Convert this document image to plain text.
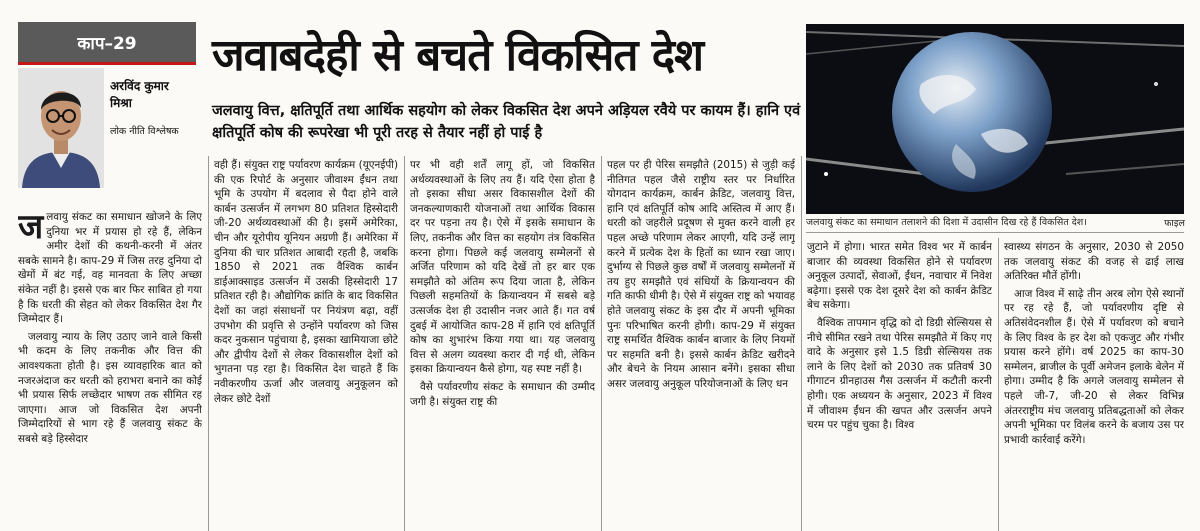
काप–29
अरविंद कुमार
मिश्रा
लोक नीति विश्लेषक
जवाबदेही से बचते विकसित देश
जलवायु वित्त, क्षतिपूर्ति तथा आर्थिक सहयोग को लेकर विकसित देश अपने अड़ियल रवैये पर कायम हैं। हानि एवं क्षतिपूर्ति कोष की रूपरेखा भी पूरी तरह से तैयार नहीं हो पाई है
जलवायु संकट का समाधान तलाशने की दिशा में उदासीन दिख रहे हैं विकसित देश।	फाइल

जलवायु संकट का समाधान खोजने के लिए दुनिया भर में प्रयास हो रहे हैं, लेकिन अमीर देशों की कथनी-करनी में अंतर सबके सामने है। काप-29 में जिस तरह दुनिया दो खेमों में बंट गई, वह मानवता के लिए अच्छा संकेत नहीं है। इससे एक बार फिर साबित हो गया है कि धरती की सेहत को लेकर विकसित देश गैर जिम्मेदार हैं।

जलवायु न्याय के लिए उठाए जाने वाले किसी भी कदम के लिए तकनीक और वित्त की आवश्यकता होती है। इस व्यावहारिक बात को नजरअंदाज कर धरती को हराभरा बनाने का कोई भी प्रयास सिर्फ लच्छेदार भाषण तक सीमित रह जाएगा। आज जो विकसित देश अपनी जिम्मेदारियों से भाग रहे हैं जलवायु संकट के सबसे बड़े हिस्सेदार

वही हैं। संयुक्त राष्ट्र पर्यावरण कार्यक्रम (यूएनईपी) की एक रिपोर्ट के अनुसार जीवाश्म ईंधन तथा भूमि के उपयोग में बदलाव से पैदा होने वाले कार्बन उत्सर्जन में लगभग 80 प्रतिशत हिस्सेदारी जी-20 अर्थव्यवस्थाओं की है। इसमें अमेरिका, चीन और यूरोपीय यूनियन अग्रणी हैं। अमेरिका में दुनिया की चार प्रतिशत आबादी रहती है, जबकि 1850 से 2021 तक वैश्विक कार्बन डाईआक्साइड उत्सर्जन में उसकी हिस्सेदारी 17 प्रतिशत रही है। औद्योगिक क्रांति के बाद विकसित देशों का जहां संसाधनों पर नियंत्रण बढ़ा, वहीं उपभोग की प्रवृत्ति से उन्होंने पर्यावरण को जिस कदर नुकसान पहुंचाया है, इसका खामियाजा छोटे और द्वीपीय देशों से लेकर विकासशील देशों को भुगतना पड़ रहा है। विकसित देश चाहते हैं कि नवीकरणीय ऊर्जा और जलवायु अनुकूलन को लेकर छोटे देशों

पर भी वही शर्तें लागू हों, जो विकसित अर्थव्यवस्थाओं के लिए तय हैं। यदि ऐसा होता है तो इसका सीधा असर विकासशील देशों की जनकल्याणकारी योजनाओं तथा आर्थिक विकास दर पर पड़ना तय है। ऐसे में इसके समाधान के लिए, तकनीक और वित्त का सहयोग तंत्र विकसित करना होगा। पिछले कई जलवायु सम्मेलनों से अर्जित परिणाम को यदि देखें तो हर बार एक समझौते को अंतिम रूप दिया जाता है, लेकिन पिछली सहमतियों के क्रियान्वयन में सबसे बड़े उत्सर्जक देश ही उदासीन नजर आते हैं। गत वर्ष दुबई में आयोजित काप-28 में हानि एवं क्षतिपूर्ति कोष का शुभारंभ किया गया था। यह जलवायु वित्त से अलग व्यवस्था करार दी गई थी, लेकिन इसका क्रियान्वयन कैसे होगा, यह स्पष्ट नहीं है।

वैसे पर्यावरणीय संकट के समाधान की उम्मीद जगी है। संयुक्त राष्ट्र की

पहल पर ही पेरिस समझौते (2015) से जुड़ी कई नीतिगत पहल जैसे राष्ट्रीय स्तर पर निर्धारित योगदान कार्यक्रम, कार्बन क्रेडिट, जलवायु वित्त, हानि एवं क्षतिपूर्ति कोष आदि अस्तित्व में आए हैं। धरती को जहरीले प्रदूषण से मुक्त करने वाली हर पहल अच्छे परिणाम लेकर आएगी, यदि उन्हें लागू करने में प्रत्येक देश के हितों का ध्यान रखा जाए। दुर्भाग्य से पिछले कुछ वर्षों में जलवायु सम्मेलनों में तय हुए समझौते एवं संधियों के क्रियान्वयन की गति काफी धीमी है। ऐसे में संयुक्त राष्ट्र को भयावह होते जलवायु संकट के इस दौर में अपनी भूमिका पुनः परिभाषित करनी होगी। काप-29 में संयुक्त राष्ट्र समर्थित वैश्विक कार्बन बाजार के लिए नियमों पर सहमति बनी है। इससे कार्बन क्रेडिट खरीदने और बेचने के नियम आसान बनेंगे। इसका सीधा असर जलवायु अनुकूल परियोजनाओं के लिए धन

जुटाने में होगा। भारत समेत विश्व भर में कार्बन बाजार की व्यवस्था विकसित होने से पर्यावरण अनुकूल उत्पादों, सेवाओं, ईंधन, नवाचार में निवेश बढ़ेगा। इससे एक देश दूसरे देश को कार्बन क्रेडिट बेच सकेगा।

वैश्विक तापमान वृद्धि को दो डिग्री सेल्सियस से नीचे सीमित रखने तथा पेरिस समझौते में किए गए वादे के अनुसार इसे 1.5 डिग्री सेल्सियस तक लाने के लिए देशों को 2030 तक प्रतिवर्ष 30 गीगाटन ग्रीनहाउस गैस उत्सर्जन में कटौती करनी होगी। एक अध्ययन के अनुसार, 2023 में विश्व में जीवाश्म ईंधन की खपत और उत्सर्जन अपने चरम पर पहुंच चुका है। विश्व

स्वास्थ्य संगठन के अनुसार, 2030 से 2050 तक जलवायु संकट की वजह से ढाई लाख अतिरिक्त मौतें होंगी।

आज विश्व में साढ़े तीन अरब लोग ऐसे स्थानों पर रह रहे हैं, जो पर्यावरणीय दृष्टि से अतिसंवेदनशील हैं। ऐसे में पर्यावरण को बचाने के लिए विश्व के हर देश को एकजुट और गंभीर प्रयास करने होंगे। वर्ष 2025 का काप-30 सम्मेलन, ब्राजील के पूर्वी अमेजन इलाके बेलेन में होगा। उम्मीद है कि अगले जलवायु सम्मेलन से पहले जी-7, जी-20 से लेकर विभिन्न अंतरराष्ट्रीय मंच जलवायु प्रतिबद्धताओं को लेकर अपनी भूमिका पर विलंब करने के बजाय उस पर प्रभावी कार्रवाई करेंगे।
